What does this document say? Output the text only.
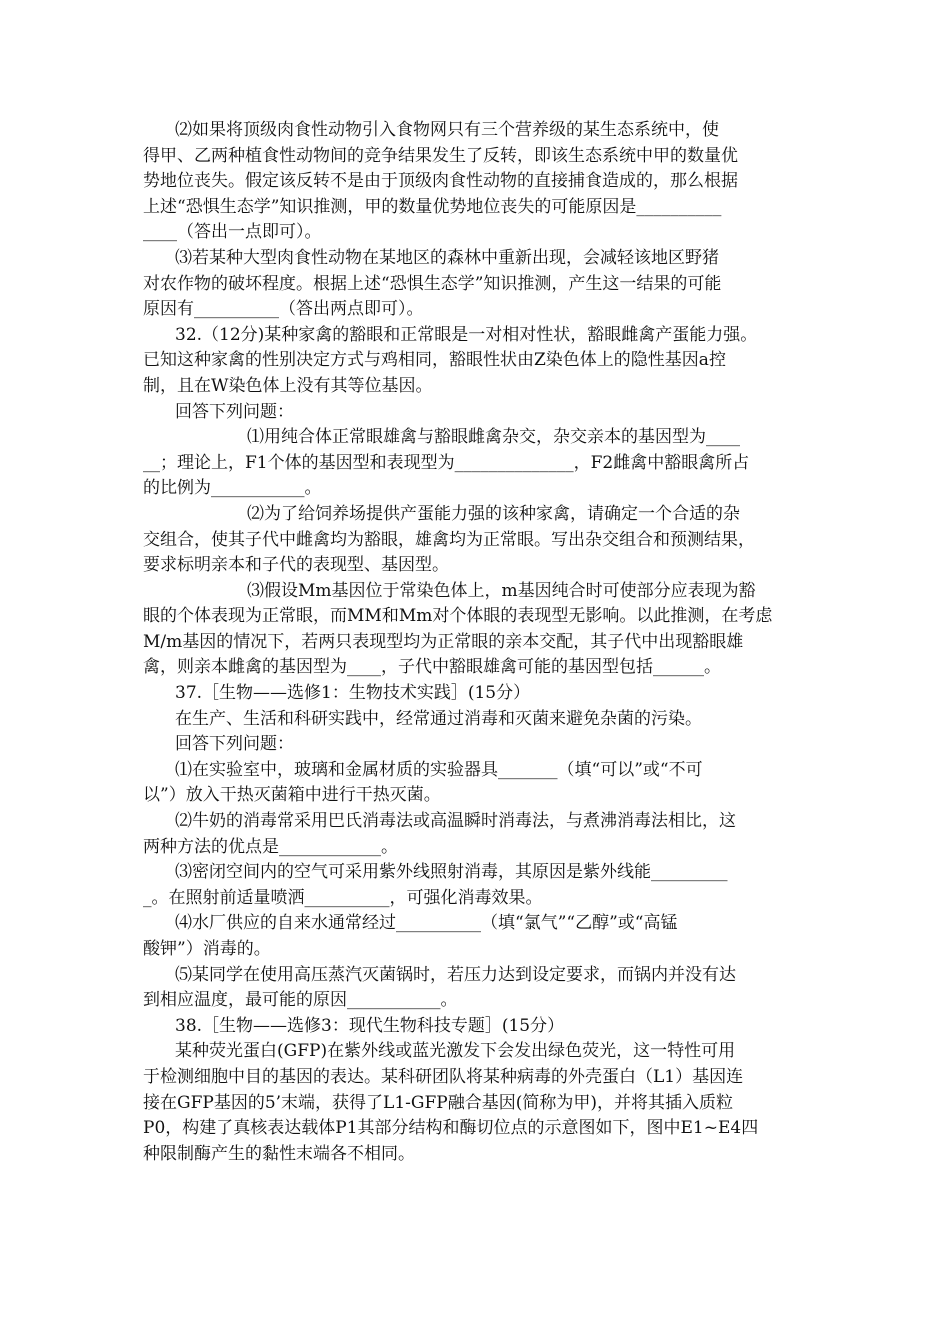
⑵如果将顶级肉食性动物引入食物网只有三个营养级的某生态系统中，使
得甲、乙两种植食性动物间的竞争结果发生了反转，即该生态系统中甲的数量优
势地位丧失。假定该反转不是由于顶级肉食性动物的直接捕食造成的，那么根据
上述“恐惧生态学”知识推测，甲的数量优势地位丧失的可能原因是__________
____（答出一点即可）。
⑶若某种大型肉食性动物在某地区的森林中重新出现，会减轻该地区野猪
对农作物的破坏程度。根据上述“恐惧生态学”知识推测，产生这一结果的可能
原因有__________（答出两点即可）。
32.（12分)某种家禽的豁眼和正常眼是一对相对性状，豁眼雌禽产蛋能力强。
已知这种家禽的性别决定方式与鸡相同，豁眼性状由Z染色体上的隐性基因a控
制，且在W染色体上没有其等位基因。
回答下列问题：
⑴用纯合体正常眼雄禽与豁眼雌禽杂交，杂交亲本的基因型为____
__；理论上，F1个体的基因型和表现型为______________，F2雌禽中豁眼禽所占
的比例为___________。
⑵为了给饲养场提供产蛋能力强的该种家禽，请确定一个合适的杂
交组合，使其子代中雌禽均为豁眼，雄禽均为正常眼。写出杂交组合和预测结果，
要求标明亲本和子代的表现型、基因型。
⑶假设Mm基因位于常染色体上，m基因纯合时可使部分应表现为豁
眼的个体表现为正常眼，而MM和Mm对个体眼的表现型无影响。以此推测，在考虑
M/m基因的情况下，若两只表现型均为正常眼的亲本交配，其子代中出现豁眼雄
禽，则亲本雌禽的基因型为____，子代中豁眼雄禽可能的基因型包括______。
37.［生物——选修1：生物技术实践］(15分）
在生产、生活和科研实践中，经常通过消毒和灭菌来避免杂菌的污染。
回答下列问题：
⑴在实验室中，玻璃和金属材质的实验器具_______（填“可以”或“不可
以”）放入干热灭菌箱中进行干热灭菌。
⑵牛奶的消毒常采用巴氏消毒法或高温瞬时消毒法，与煮沸消毒法相比，这
两种方法的优点是____________。
⑶密闭空间内的空气可采用紫外线照射消毒，其原因是紫外线能_________
_。在照射前适量喷洒__________，可强化消毒效果。
⑷水厂供应的自来水通常经过__________（填“氯气”“乙醇”或“高锰
酸钾”）消毒的。
⑸某同学在使用高压蒸汽灭菌锅时，若压力达到设定要求，而锅内并没有达
到相应温度，最可能的原因___________。
38.［生物——选修3：现代生物科技专题］(15分）
某种荧光蛋白(GFP)在紫外线或蓝光激发下会发出绿色荧光，这一特性可用
于检测细胞中目的基因的表达。某科研团队将某种病毒的外壳蛋白（L1）基因连
接在GFP基因的5’末端，获得了L1-GFP融合基因(简称为甲)，并将其插入质粒
P0，构建了真核表达载体P1其部分结构和酶切位点的示意图如下，图中E1~E4四
种限制酶产生的黏性末端各不相同。
